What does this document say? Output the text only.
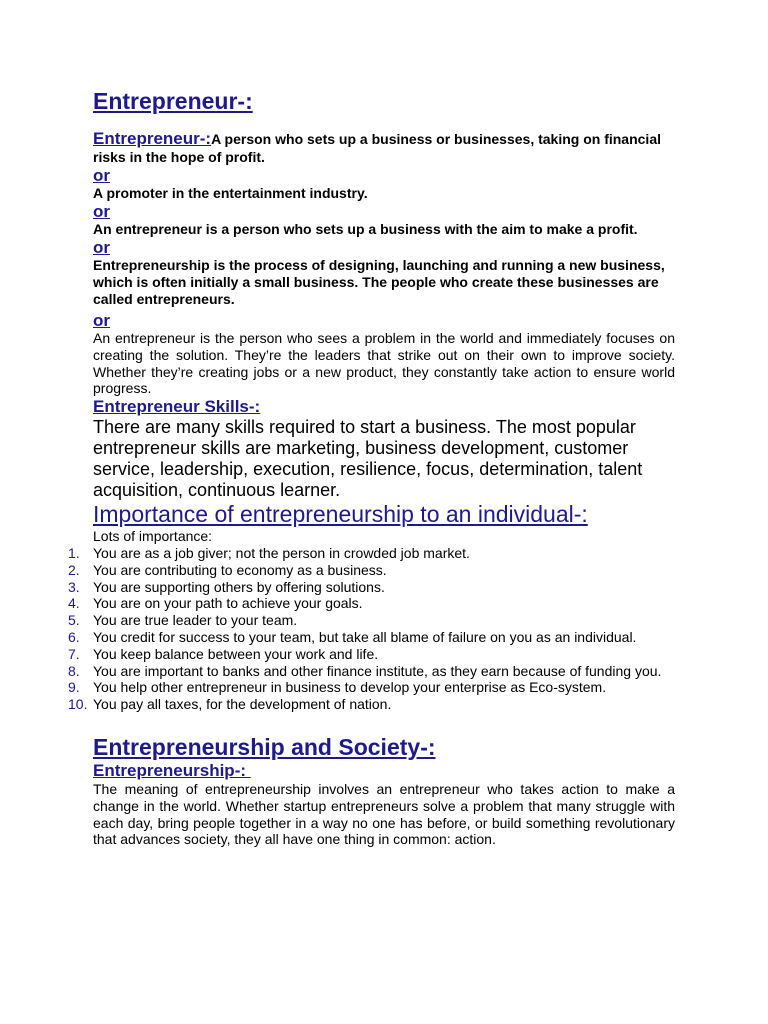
Entrepreneur-:

Entrepreneur-:A person who sets up a business or businesses, taking on financial risks in the hope of profit.

or

A promoter in the entertainment industry.

or

An entrepreneur is a person who sets up a business with the aim to make a profit.

or

Entrepreneurship is the process of designing, launching and running a new business, which is often initially a small business. The people who create these businesses are called entrepreneurs.

or

An entrepreneur is the person who sees a problem in the world and immediately focuses on creating the solution. They’re the leaders that strike out on their own to improve society. Whether they’re creating jobs or a new product, they constantly take action to ensure world progress.

Entrepreneur Skills-:

There are many skills required to start a business. The most popular entrepreneur skills are marketing, business development, customer service, leadership, execution, resilience, focus, determination, talent acquisition, continuous learner.

Importance of entrepreneurship to an individual-:

Lots of importance:

1. You are as a job giver; not the person in crowded job market.
2. You are contributing to economy as a business.
3. You are supporting others by offering solutions.
4. You are on your path to achieve your goals.
5. You are true leader to your team.
6. You credit for success to your team, but take all blame of failure on you as an individual.
7. You keep balance between your work and life.
8. You are important to banks and other finance institute, as they earn because of funding you.
9. You help other entrepreneur in business to develop your enterprise as Eco-system.
10. You pay all taxes, for the development of nation.
Entrepreneurship and Society-:
Entrepreneurship-:

The meaning of entrepreneurship involves an entrepreneur who takes action to make a change in the world. Whether startup entrepreneurs solve a problem that many struggle with each day, bring people together in a way no one has before, or build something revolutionary that advances society, they all have one thing in common: action.
